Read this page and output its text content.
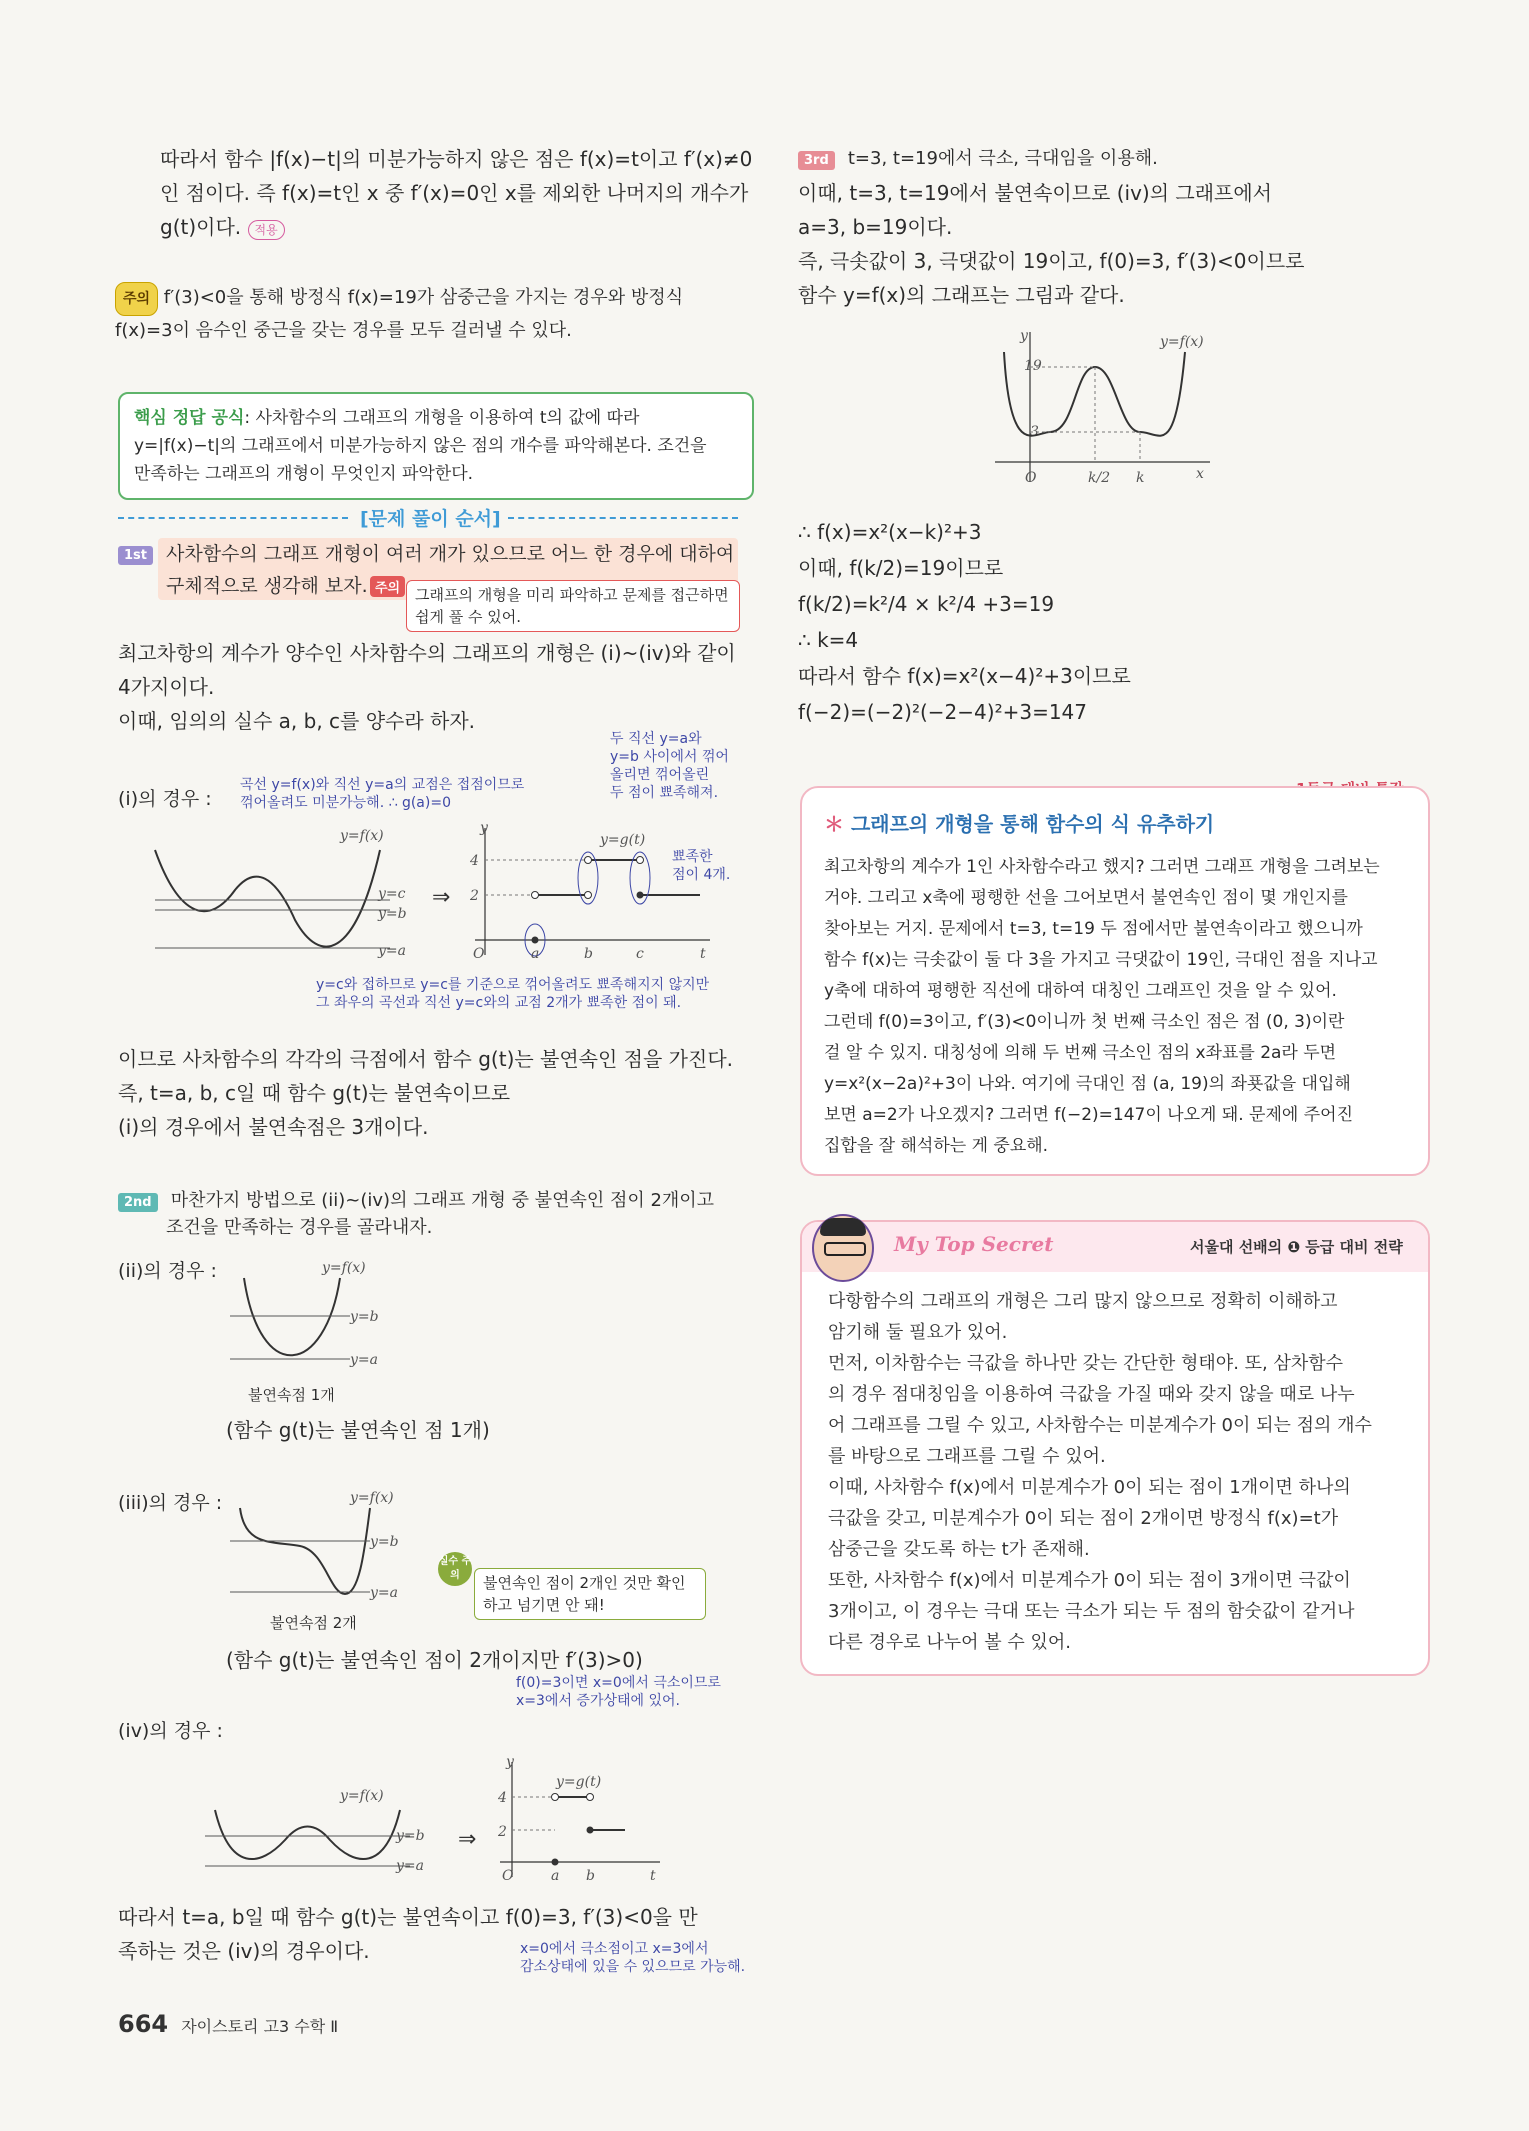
따라서 함수 |f(x)−t|의 미분가능하지 않은 점은 f(x)=t이고 f′(x)≠0
인 점이다. 즉 f(x)=t인 x 중 f′(x)=0인 x를 제외한 나머지의 개수가
g(t)이다. 적용
주의 f′(3)<0을 통해 방정식 f(x)=19가 삼중근을 가지는 경우와 방정식
f(x)=3이 음수인 중근을 갖는 경우를 모두 걸러낼 수 있다.
핵심 정답 공식: 사차함수의 그래프의 개형을 이용하여 t의 값에 따라
y=|f(x)−t|의 그래프에서 미분가능하지 않은 점의 개수를 파악해본다. 조건을
만족하는 그래프의 개형이 무엇인지 파악한다.
[문제 풀이 순서]
1st	사차함수의 그래프 개형이 여러 개가 있으므로 어느 한 경우에 대하여
구체적으로 생각해 보자. 주의 그래프의 개형을 미리 파악하고 문제를 접근하면
쉽게 풀 수 있어.
최고차항의 계수가 양수인 사차함수의 그래프의 개형은 (i)~(iv)와 같이
4가지이다.
이때, 임의의 실수 a, b, c를 양수라 하자.
(i)의 경우 :
곡선 y=f(x)와 직선 y=a의 교점은 접점이므로
꺾어올려도 미분가능해. ∴ g(a)=0
두 직선 y=a와
y=b 사이에서 꺾어
올리면 꺾어올린
두 점이 뾰족해져.
뾰족한
점이 4개.
y=f(x)
y=c
y=b
y=a
⇒
y
t
O
4
2
y=g(t)
a	b	c
y=c와 접하므로 y=c를 기준으로 꺾어올려도 뾰족해지지 않지만
그 좌우의 곡선과 직선 y=c와의 교점 2개가 뾰족한 점이 돼.
이므로 사차함수의 각각의 극점에서 함수 g(t)는 불연속인 점을 가진다.
즉, t=a, b, c일 때 함수 g(t)는 불연속이므로
(i)의 경우에서 불연속점은 3개이다.
2nd 마찬가지 방법으로 (ii)~(iv)의 그래프 개형 중 불연속인 점이 2개이고
조건을 만족하는 경우를 골라내자.
(ii)의 경우 :	y=f(x)
y=b
y=a
불연속점 1개
(함수 g(t)는 불연속인 점 1개)
(iii)의 경우 :	y=f(x)
y=b
y=a
불연속점 2개
실수 주의	불연속인 점이 2개인 것만 확인
하고 넘기면 안 돼!
(함수 g(t)는 불연속인 점이 2개이지만 f′(3)>0)
f(0)=3이면 x=0에서 극소이므로
x=3에서 증가상태에 있어.
(iv)의 경우 :
y=f(x)
y=b
y=a
⇒
y
t
O
4
2
y=g(t)
a b
따라서 t=a, b일 때 함수 g(t)는 불연속이고 f(0)=3, f′(3)<0을 만
족하는 것은 (iv)의 경우이다.	x=0에서 극소점이고 x=3에서
감소상태에 있을 수 있으므로 가능해.
664 자이스토리 고3 수학 Ⅱ
3rd t=3, t=19에서 극소, 극대임을 이용해.
이때, t=3, t=19에서 불연속이므로 (iv)의 그래프에서
a=3, b=19이다.
즉, 극솟값이 3, 극댓값이 19이고, f(0)=3, f′(3)<0이므로
함수 y=f(x)의 그래프는 그림과 같다.
y=f(x)
y
x
O
19
3
k/2 k
∴ f(x)=x²(x−k)²+3
이때, f(k/2)=19이므로
f(k/2)=k²/4 × k²/4 +3=19
∴ k=4
따라서 함수 f(x)=x²(x−4)²+3이므로
f(−2)=(−2)²(−2−4)²+3=147
＊ 그래프의 개형을 통해 함수의 식 유추하기
최고차항의 계수가 1인 사차함수라고 했지? 그러면 그래프 개형을 그려보는
거야. 그리고 x축에 평행한 선을 그어보면서 불연속인 점이 몇 개인지를
찾아보는 거지. 문제에서 t=3, t=19 두 점에서만 불연속이라고 했으니까
함수 f(x)는 극솟값이 둘 다 3을 가지고 극댓값이 19인, 극대인 점을 지나고
y축에 대하여 평행한 직선에 대하여 대칭인 그래프인 것을 알 수 있어.
그런데 f(0)=3이고, f′(3)<0이니까 첫 번째 극소인 점은 점 (0, 3)이란
걸 알 수 있지. 대칭성에 의해 두 번째 극소인 점의 x좌표를 2a라 두면
y=x²(x−2a)²+3이 나와. 여기에 극대인 점 (a, 19)의 좌푯값을 대입해
보면 a=2가 나오겠지? 그러면 f(−2)=147이 나오게 돼. 문제에 주어진
집합을 잘 해석하는 게 중요해.
My Top Secret	서울대 선배의 ❶ 등급 대비 전략
다항함수의 그래프의 개형은 그리 많지 않으므로 정확히 이해하고
암기해 둘 필요가 있어.
먼저, 이차함수는 극값을 하나만 갖는 간단한 형태야. 또, 삼차함수
의 경우 점대칭임을 이용하여 극값을 가질 때와 갖지 않을 때로 나누
어 그래프를 그릴 수 있고, 사차함수는 미분계수가 0이 되는 점의 개수
를 바탕으로 그래프를 그릴 수 있어.
이때, 사차함수 f(x)에서 미분계수가 0이 되는 점이 1개이면 하나의
극값을 갖고, 미분계수가 0이 되는 점이 2개이면 방정식 f(x)=t가
삼중근을 갖도록 하는 t가 존재해.
또한, 사차함수 f(x)에서 미분계수가 0이 되는 점이 3개이면 극값이
3개이고, 이 경우는 극대 또는 극소가 되는 두 점의 함숫값이 같거나
다른 경우로 나누어 볼 수 있어.
